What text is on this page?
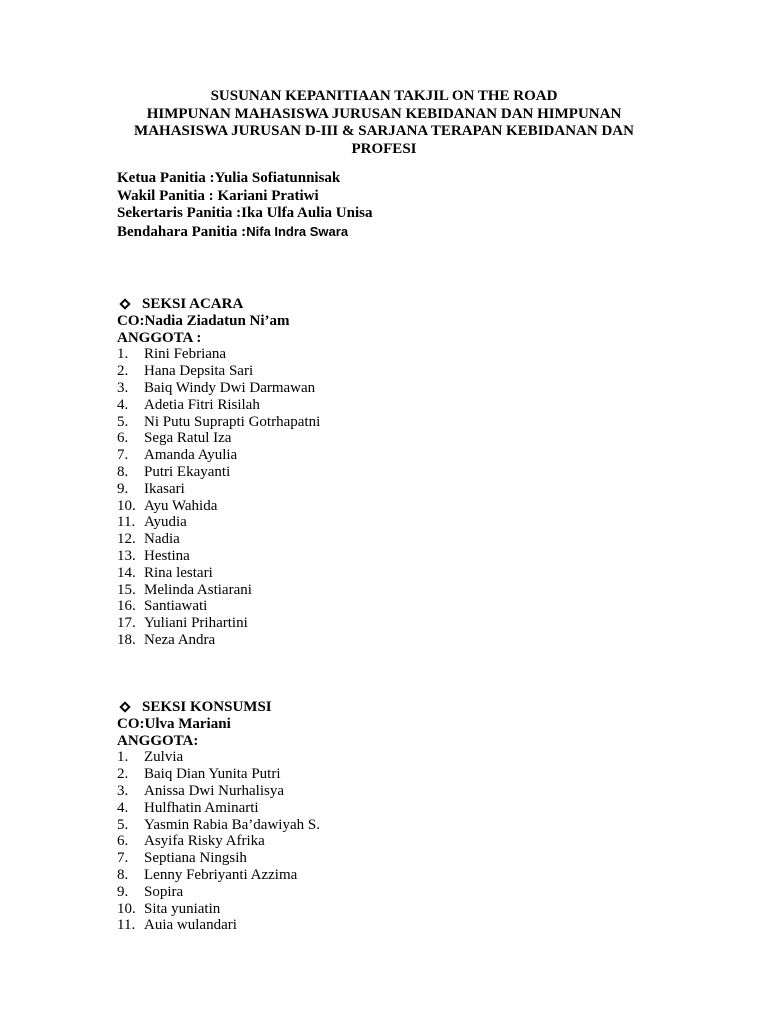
SUSUNAN KEPANITIAAN TAKJIL ON THE ROAD
HIMPUNAN MAHASISWA JURUSAN KEBIDANAN DAN HIMPUNAN
MAHASISWA JURUSAN D-III & SARJANA TERAPAN KEBIDANAN DAN
PROFESI
Ketua Panitia :Yulia Sofiatunnisak
Wakil Panitia : Kariani Pratiwi
Sekertaris Panitia :Ika Ulfa Aulia Unisa
Bendahara Panitia :Nifa Indra Swara
SEKSI ACARA
CO:Nadia Ziadatun Ni’am
ANGGOTA :
1.	Rini Febriana
2.	Hana Depsita Sari
3.	Baiq Windy Dwi Darmawan
4.	Adetia Fitri Risilah
5.	Ni Putu Suprapti Gotrhapatni
6.	Sega Ratul Iza
7.	Amanda Ayulia
8.	Putri Ekayanti
9.	Ikasari
10. Ayu Wahida
11. Ayudia
12. Nadia
13. Hestina
14. Rina lestari
15. Melinda Astiarani
16. Santiawati
17. Yuliani Prihartini
18. Neza Andra
SEKSI KONSUMSI
CO:Ulva Mariani
ANGGOTA:
1.	Zulvia
2.	Baiq Dian Yunita Putri
3.	Anissa Dwi Nurhalisya
4.	Hulfhatin Aminarti
5.	Yasmin Rabia Ba’dawiyah S.
6.	Asyifa Risky Afrika
7.	Septiana Ningsih
8.	Lenny Febriyanti Azzima
9.	Sopira
10. Sita yuniatin
11. Auia wulandari
